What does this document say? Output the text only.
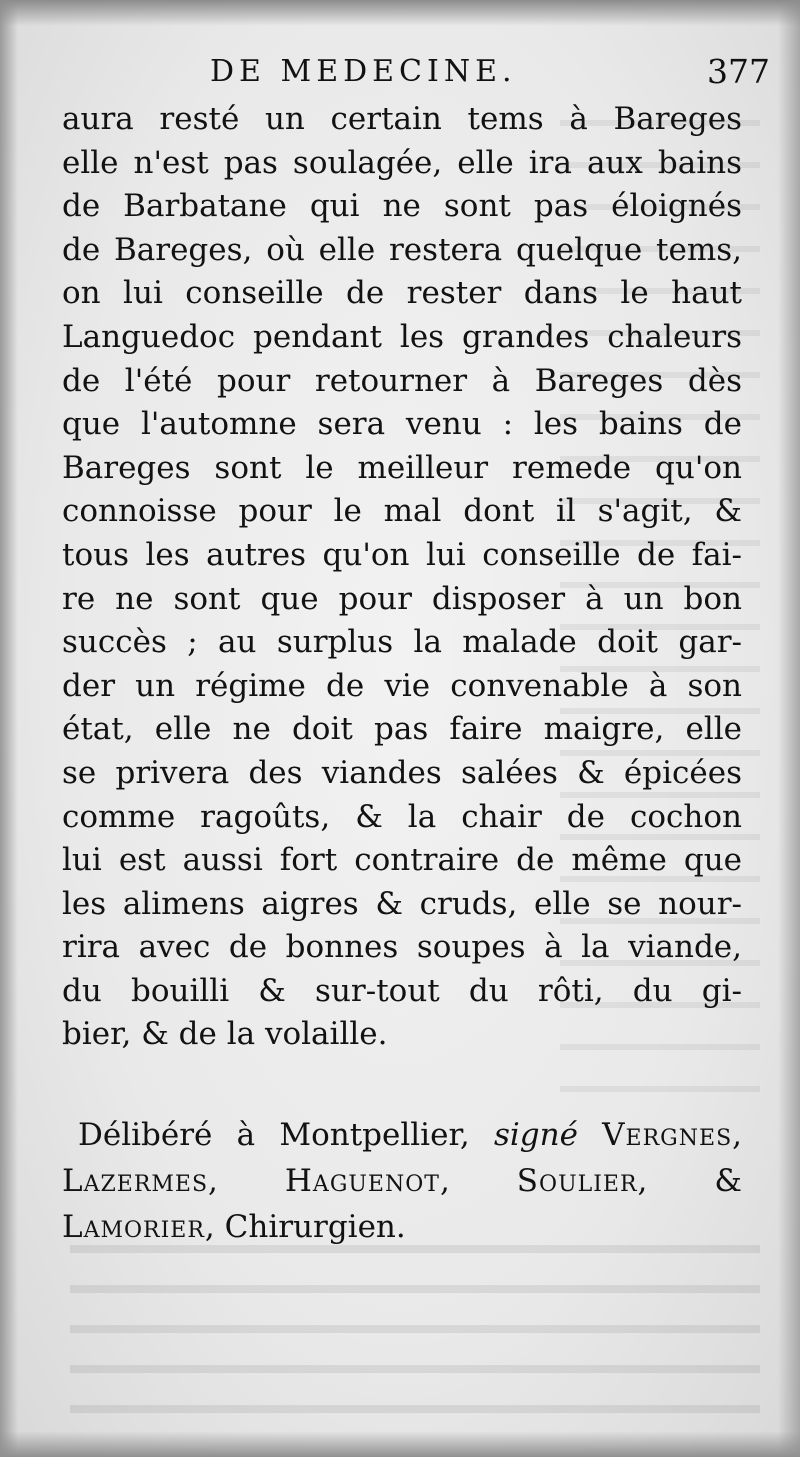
DE MEDECINE.	377
aura resté un certain tems à Bareges
elle n'est pas soulagée, elle ira aux bains
de Barbatane qui ne sont pas éloignés
de Bareges, où elle restera quelque tems,
on lui conseille de rester dans le haut
Languedoc pendant les grandes chaleurs
de l'été pour retourner à Bareges dès
que l'automne sera venu : les bains de
Bareges sont le meilleur remede qu'on
connoisse pour le mal dont il s'agit, &
tous les autres qu'on lui conseille de fai-
re ne sont que pour disposer à un bon
succès ; au surplus la malade doit gar-
der un régime de vie convenable à son
état, elle ne doit pas faire maigre, elle
se privera des viandes salées & épicées
comme ragoûts, & la chair de cochon
lui est aussi fort contraire de même que
les alimens aigres & cruds, elle se nour-
rira avec de bonnes soupes à la viande,
du bouilli & sur-tout du rôti, du gi-
bier, & de la volaille.
Délibéré à Montpellier, signé Vergnes,
Lazermes, Haguenot, Soulier, &
Lamorier, Chirurgien.
